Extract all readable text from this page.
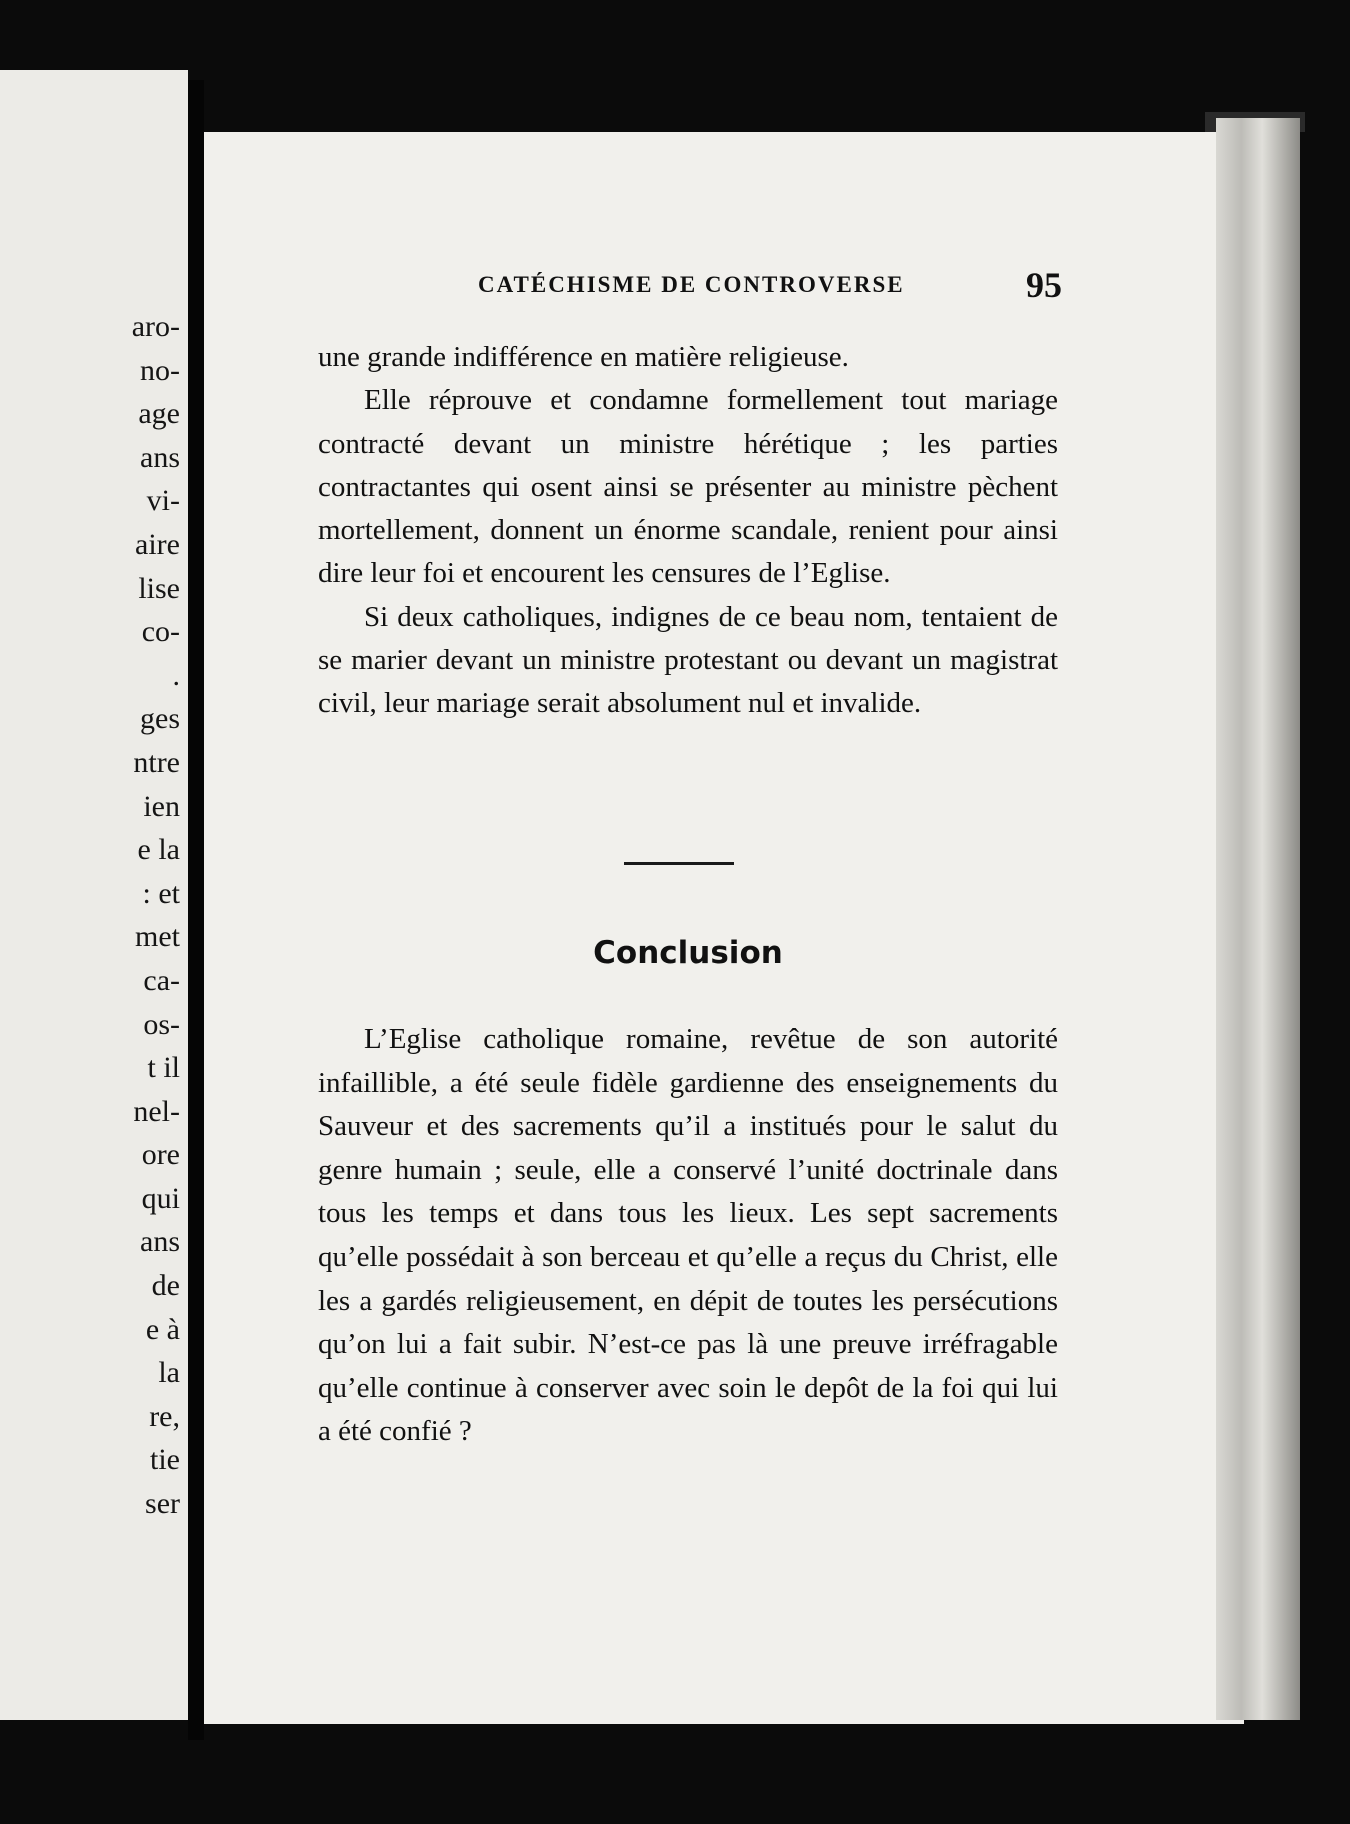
aro-
no-
age
ans
vi-
aire
lise
co-
.
ges
ntre
ien
e la
: et
met
ca-
os-
t il
nel-
ore
qui
ans
de
e à
la
re,
tie
ser
CATÉCHISME DE CONTROVERSE	95

une grande indifférence en matière religieuse.

Elle réprouve et condamne formellement tout mariage contracté devant un ministre hérétique ; les parties contractantes qui osent ainsi se présenter au ministre pèchent mortellement, donnent un énorme scandale, renient pour ainsi dire leur foi et encourent les censures de l’Eglise.

Si deux catholiques, indignes de ce beau nom, tentaient de se marier devant un ministre protestant ou devant un magistrat civil, leur mariage serait absolument nul et invalide.

Conclusion

L’Eglise catholique romaine, revêtue de son autorité infaillible, a été seule fidèle gardienne des enseignements du Sauveur et des sacrements qu’il a institués pour le salut du genre humain ; seule, elle a conservé l’unité doctrinale dans tous les temps et dans tous les lieux. Les sept sacrements qu’elle possédait à son berceau et qu’elle a reçus du Christ, elle les a gardés religieusement, en dépit de toutes les persécutions qu’on lui a fait subir. N’est-ce pas là une preuve irréfragable qu’elle continue à conserver avec soin le depôt de la foi qui lui a été confié ?
